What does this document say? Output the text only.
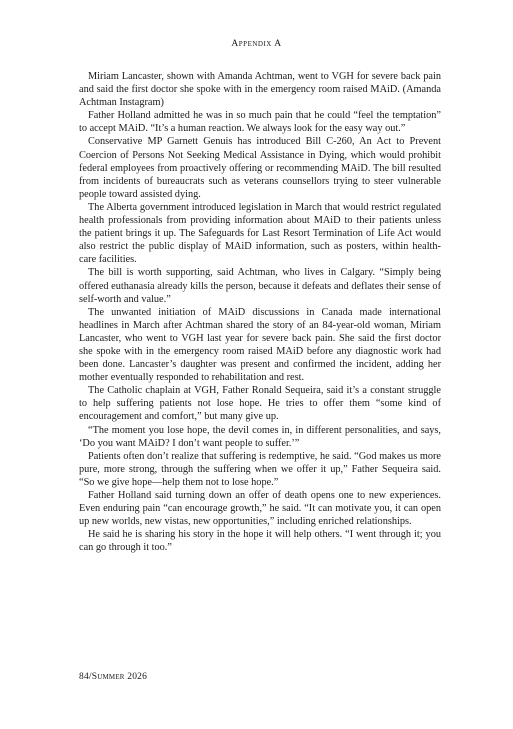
Appendix A

Miriam Lancaster, shown with Amanda Achtman, went to VGH for severe back pain and said the first doctor she spoke with in the emergency room raised MAiD. (Amanda Achtman Instagram)

Father Holland admitted he was in so much pain that he could “feel the temptation” to accept MAiD. “It’s a human reaction. We always look for the easy way out.”

Conservative MP Garnett Genuis has introduced Bill C-260, An Act to Prevent Coercion of Persons Not Seeking Medical Assistance in Dying, which would prohibit federal employees from proactively offering or recommending MAiD. The bill resulted from incidents of bureaucrats such as veterans counsellors trying to steer vulnerable people toward assisted dying.

The Alberta government introduced legislation in March that would restrict regulated health professionals from providing information about MAiD to their patients unless the patient brings it up. The Safeguards for Last Resort Termination of Life Act would also restrict the public display of MAiD information, such as posters, within health-care facilities.

The bill is worth supporting, said Achtman, who lives in Calgary. “Simply being offered euthanasia already kills the person, because it defeats and deflates their sense of self-worth and value.”

The unwanted initiation of MAiD discussions in Canada made international headlines in March after Achtman shared the story of an 84-year-old woman, Miriam Lancaster, who went to VGH last year for severe back pain. She said the first doctor she spoke with in the emergency room raised MAiD before any diagnostic work had been done. Lancaster’s daughter was present and confirmed the incident, adding her mother eventually responded to rehabilitation and rest.

The Catholic chaplain at VGH, Father Ronald Sequeira, said it’s a constant struggle to help suffering patients not lose hope. He tries to offer them “some kind of encouragement and comfort,” but many give up.

“The moment you lose hope, the devil comes in, in different personalities, and says, ‘Do you want MAiD? I don’t want people to suffer.’”

Patients often don’t realize that suffering is redemptive, he said. “God makes us more pure, more strong, through the suffering when we offer it up,” Father Sequeira said. “So we give hope—help them not to lose hope.”

Father Holland said turning down an offer of death opens one to new experiences. Even enduring pain “can encourage growth,” he said. “It can motivate you, it can open up new worlds, new vistas, new opportunities,” including enriched relationships.

He said he is sharing his story in the hope it will help others. “I went through it; you can go through it too.”

84/Summer 2026
